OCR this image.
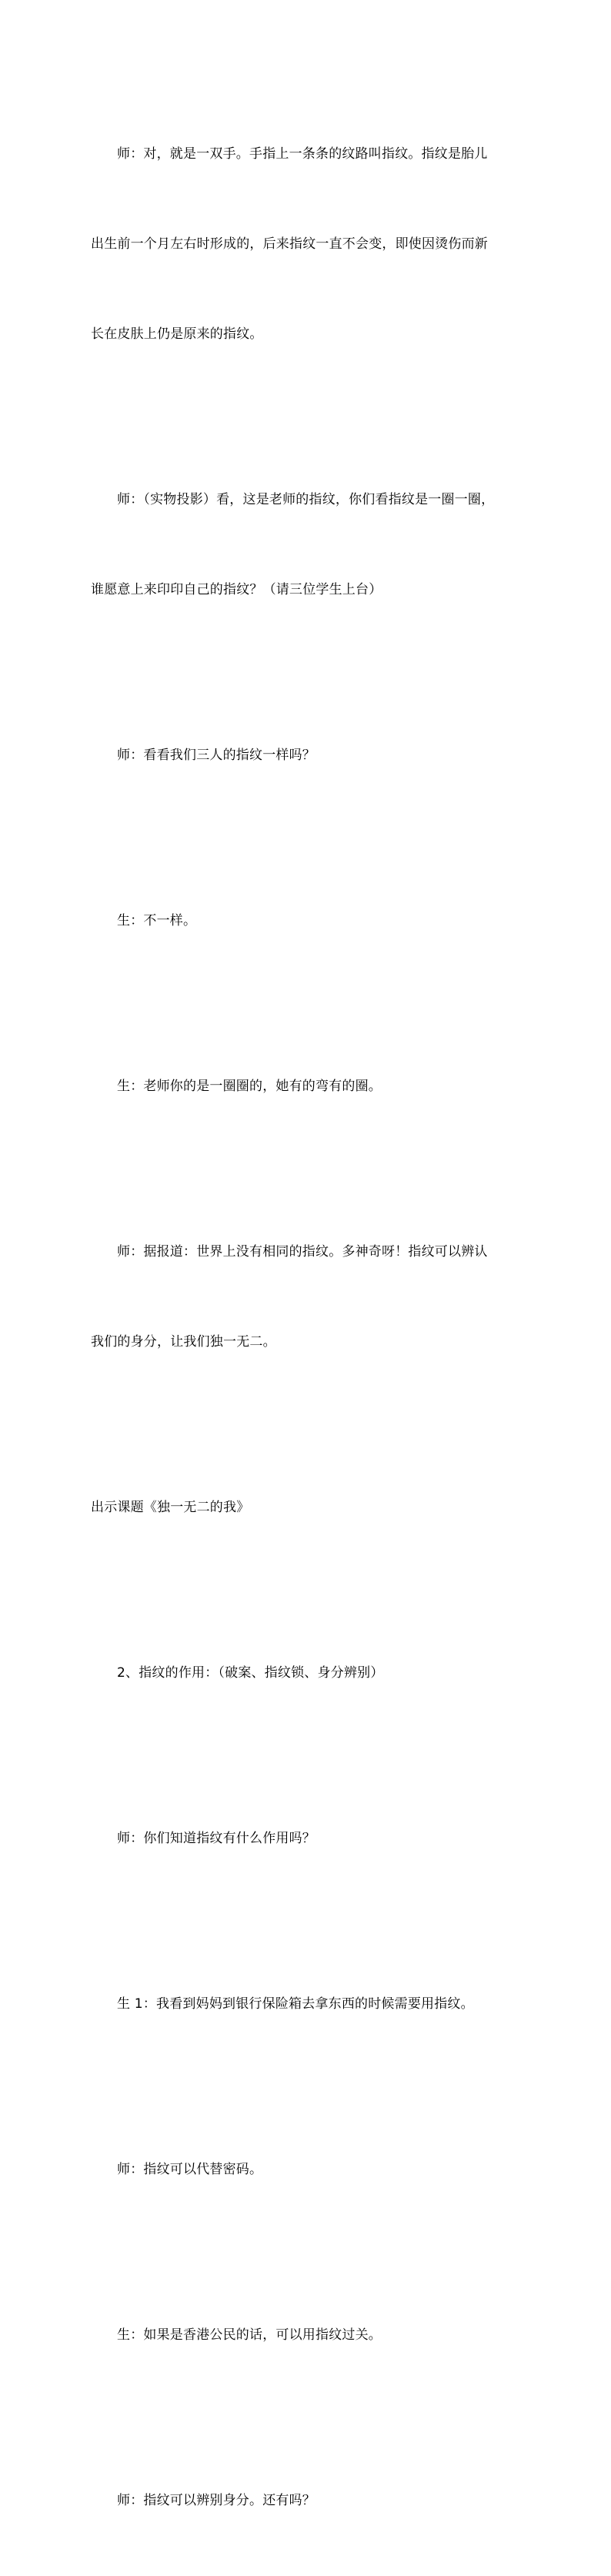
师：对，就是一双手。手指上一条条的纹路叫指纹。指纹是胎儿

出生前一个月左右时形成的，后来指纹一直不会变，即使因烫伤而新

长在皮肤上仍是原来的指纹。

师：（实物投影）看，这是老师的指纹，你们看指纹是一圈一圈，

谁愿意上来印印自己的指纹？（请三位学生上台）

师：看看我们三人的指纹一样吗？

生：不一样。

生：老师你的是一圈圈的，她有的弯有的圈。

师：据报道：世界上没有相同的指纹。多神奇呀！指纹可以辨认

我们的身分，让我们独一无二。

出示课题《独一无二的我》

2、指纹的作用：（破案、指纹锁、身分辨别）

师：你们知道指纹有什么作用吗？

生 1：我看到妈妈到银行保险箱去拿东西的时候需要用指纹。

师：指纹可以代替密码。

生：如果是香港公民的话，可以用指纹过关。

师：指纹可以辨别身分。还有吗？
